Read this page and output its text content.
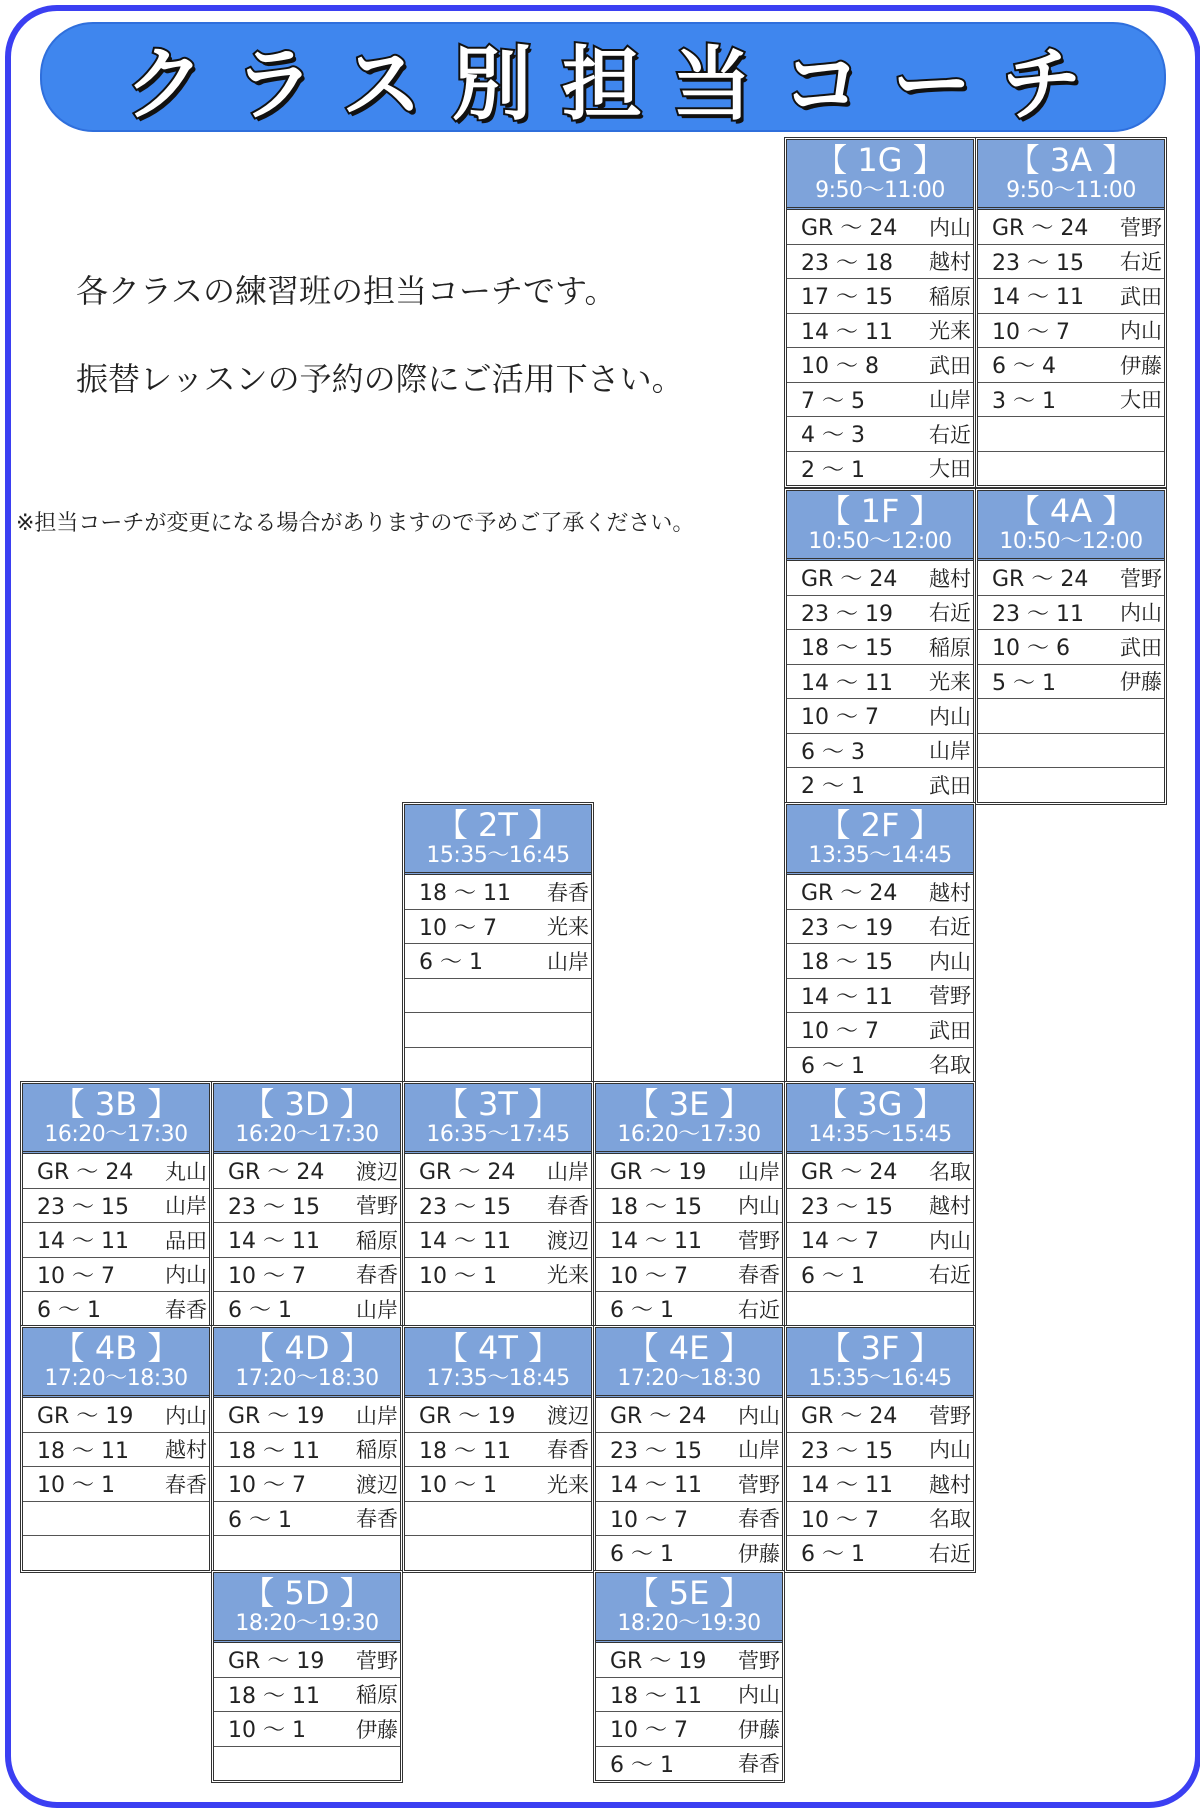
クラス別担当コーチ
各クラスの練習班の担当コーチです。
振替レッスンの予約の際にご活用下さい。
※担当コーチが変更になる場合がありますので予めご了承ください。
【 1G 】
9:50〜11:00
GR 〜 24 内山
23 〜 18 越村
17 〜 15 稲原
14 〜 11 光来
10 〜 8 武田
7 〜 5	山岸
4 〜 3	右近
2 〜 1	大田
【 3A 】
9:50〜11:00
GR 〜 24 菅野
23 〜 15 右近
14 〜 11 武田
10 〜 7 内山
6 〜 4	伊藤
3 〜 1	大田
【 1F 】
10:50〜12:00
GR 〜 24 越村
23 〜 19 右近
18 〜 15 稲原
14 〜 11 光来
10 〜 7 内山
6 〜 3	山岸
2 〜 1	武田
【 4A 】
10:50〜12:00
GR 〜 24 菅野
23 〜 11 内山
10 〜 6 武田
5 〜 1	伊藤
【 2T 】
15:35〜16:45
18 〜 11 春香
10 〜 7 光来
6 〜 1	山岸
【 2F 】
13:35〜14:45
GR 〜 24 越村
23 〜 19 右近
18 〜 15 内山
14 〜 11 菅野
10 〜 7 武田
6 〜 1	名取
【 3B 】
16:20〜17:30
GR 〜 24 丸山
23 〜 15 山岸
14 〜 11 品田
10 〜 7 内山
6 〜 1	春香
【 3D 】
16:20〜17:30
GR 〜 24 渡辺
23 〜 15 菅野
14 〜 11 稲原
10 〜 7 春香
6 〜 1	山岸
【 3T 】
16:35〜17:45
GR 〜 24 山岸
23 〜 15 春香
14 〜 11 渡辺
10 〜 1 光来
【 3E 】
16:20〜17:30
GR 〜 19 山岸
18 〜 15 内山
14 〜 11 菅野
10 〜 7 春香
6 〜 1	右近
【 3G 】
14:35〜15:45
GR 〜 24 名取
23 〜 15 越村
14 〜 7 内山
6 〜 1	右近
【 4B 】
17:20〜18:30
GR 〜 19 内山
18 〜 11 越村
10 〜 1 春香
【 4D 】
17:20〜18:30
GR 〜 19 山岸
18 〜 11 稲原
10 〜 7 渡辺
6 〜 1	春香
【 4T 】
17:35〜18:45
GR 〜 19 渡辺
18 〜 11 春香
10 〜 1 光来
【 4E 】
17:20〜18:30
GR 〜 24 内山
23 〜 15 山岸
14 〜 11 菅野
10 〜 7 春香
6 〜 1	伊藤
【 3F 】
15:35〜16:45
GR 〜 24 菅野
23 〜 15 内山
14 〜 11 越村
10 〜 7 名取
6 〜 1	右近
【 5D 】
18:20〜19:30
GR 〜 19 菅野
18 〜 11 稲原
10 〜 1 伊藤
【 5E 】
18:20〜19:30
GR 〜 19 菅野
18 〜 11 内山
10 〜 7 伊藤
6 〜 1	春香
